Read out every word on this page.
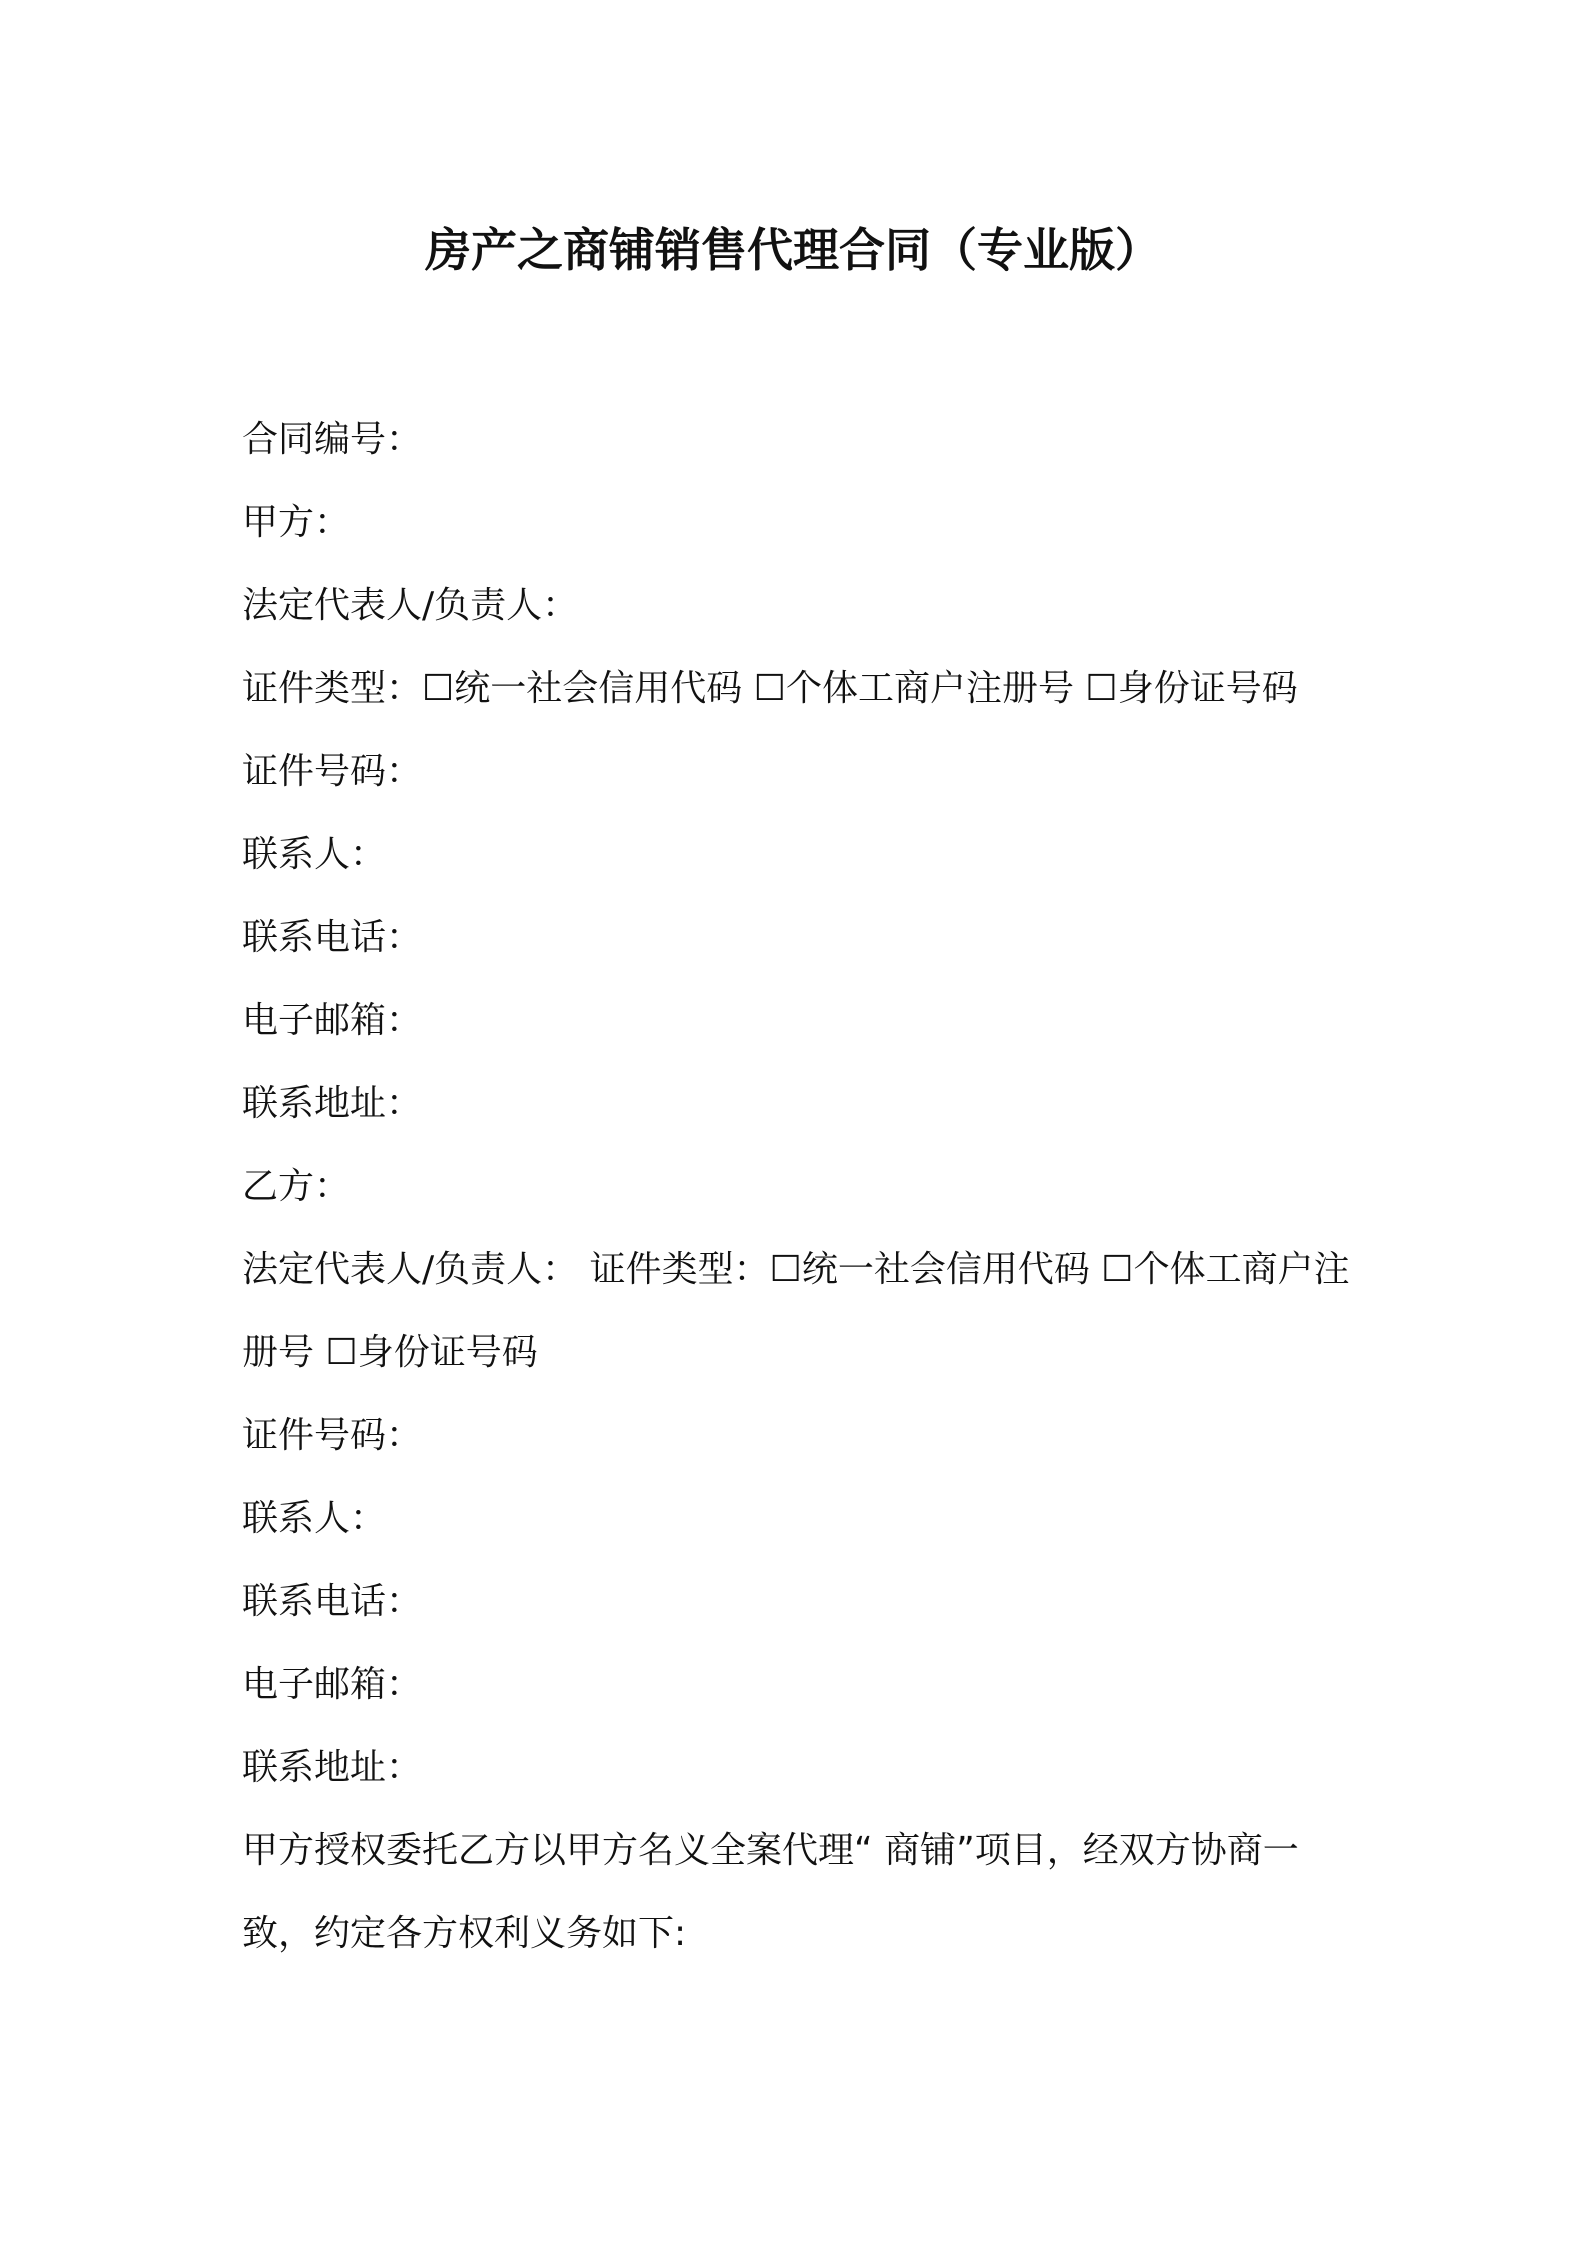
房产之商铺销售代理合同（专业版）
合同编号：
甲方：
法定代表人/负责人：
证件类型：☐统一社会信用代码 ☐个体工商户注册号 ☐身份证号码
证件号码：
联系人：
联系电话：
电子邮箱：
联系地址：
乙方：
法定代表人/负责人： 证件类型：☐统一社会信用代码 ☐个体工商户注册号 ☐身份证号码
证件号码：
联系人：
联系电话：
电子邮箱：
联系地址：
甲方授权委托乙方以甲方名义全案代理“ 商铺”项目，经双方协商一致，约定各方权利义务如下:
